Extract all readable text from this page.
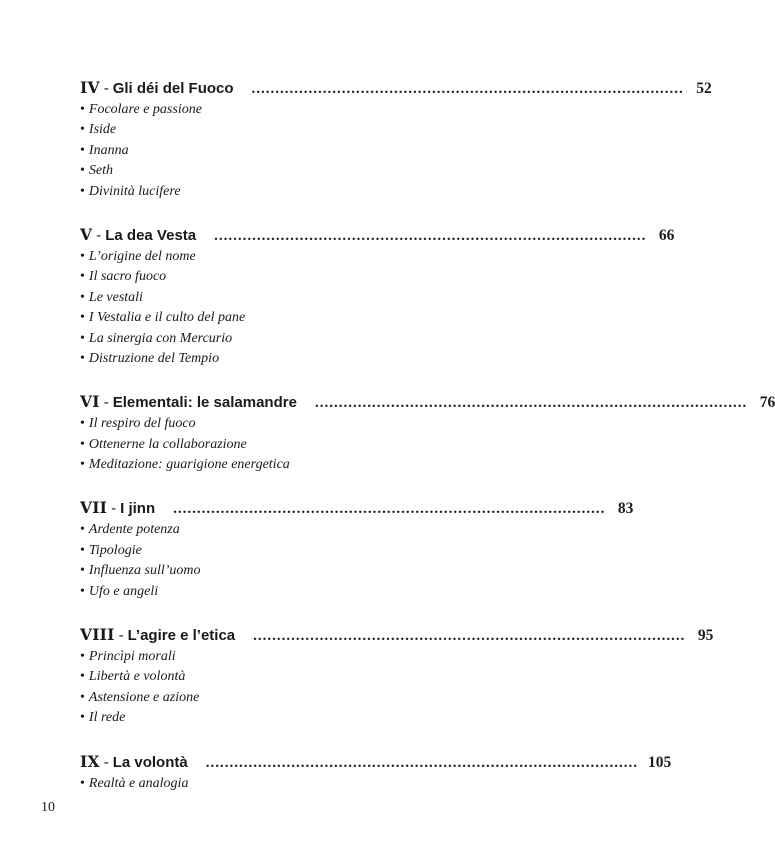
IV - Gli déi del Fuoco ........................................................................................... 52
• Focolare e passione
• Iside
• Inanna
• Seth
• Divinità lucifere
V - La dea Vesta ........................................................................................... 66
• L’origine del nome
• Il sacro fuoco
• Le vestali
• I Vestalia e il culto del pane
• La sinergia con Mercurio
• Distruzione del Tempio
VI - Elementali: le salamandre ........................................................................................... 76
• Il respiro del fuoco
• Ottenerne la collaborazione
• Meditazione: guarigione energetica
VII - I jinn ........................................................................................... 83
• Ardente potenza
• Tipologie
• Influenza sull’uomo
• Ufo e angeli
VIII - L’agire e l’etica ........................................................................................... 95
• Princìpi morali
• Libertà e volontà
• Astensione e azione
• Il rede
IX - La volontà ........................................................................................... 105
• Realtà e analogia
10
